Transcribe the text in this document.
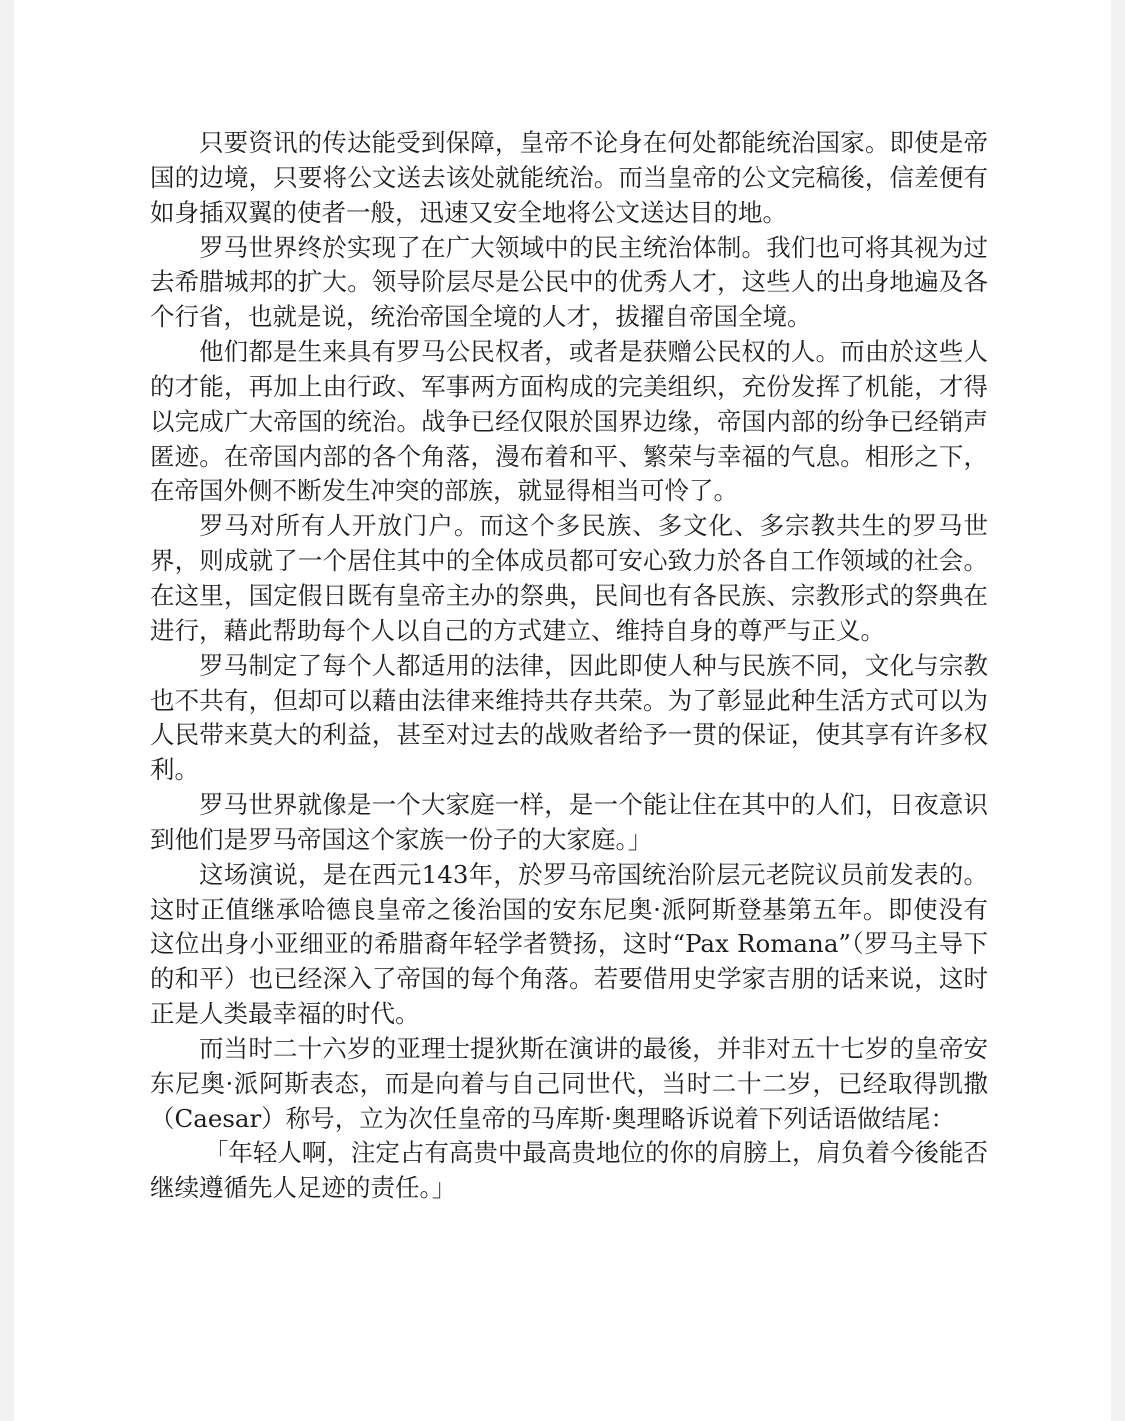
只要资讯的传达能受到保障，皇帝不论身在何处都能统治国家。即使是帝国的边境，只要将公文送去该处就能统治。而当皇帝的公文完稿後，信差便有如身插双翼的使者一般，迅速又安全地将公文送达目的地。

罗马世界终於实现了在广大领域中的民主统治体制。我们也可将其视为过去希腊城邦的扩大。领导阶层尽是公民中的优秀人才，这些人的出身地遍及各个行省，也就是说，统治帝国全境的人才，拔擢自帝国全境。

他们都是生来具有罗马公民权者，或者是获赠公民权的人。而由於这些人的才能，再加上由行政、军事两方面构成的完美组织，充份发挥了机能，才得以完成广大帝国的统治。战争已经仅限於国界边缘，帝国内部的纷争已经销声匿迹。在帝国内部的各个角落，漫布着和平、繁荣与幸福的气息。相形之下，在帝国外侧不断发生冲突的部族，就显得相当可怜了。

罗马对所有人开放门户。而这个多民族、多文化、多宗教共生的罗马世界，则成就了一个居住其中的全体成员都可安心致力於各自工作领域的社会。在这里，国定假日既有皇帝主办的祭典，民间也有各民族、宗教形式的祭典在进行，藉此帮助每个人以自己的方式建立、维持自身的尊严与正义。

罗马制定了每个人都适用的法律，因此即使人种与民族不同，文化与宗教也不共有，但却可以藉由法律来维持共存共荣。为了彰显此种生活方式可以为人民带来莫大的利益，甚至对过去的战败者给予一贯的保证，使其享有许多权利。

罗马世界就像是一个大家庭一样，是一个能让住在其中的人们，日夜意识到他们是罗马帝国这个家族一份子的大家庭。」

这场演说，是在西元143年，於罗马帝国统治阶层元老院议员前发表的。这时正值继承哈德良皇帝之後治国的安东尼奥·派阿斯登基第五年。即使没有这位出身小亚细亚的希腊裔年轻学者赞扬，这时“Pax Romana”（罗马主导下的和平）也已经深入了帝国的每个角落。若要借用史学家吉朋的话来说，这时正是人类最幸福的时代。

而当时二十六岁的亚理士提狄斯在演讲的最後，并非对五十七岁的皇帝安东尼奥·派阿斯表态，而是向着与自己同世代，当时二十二岁，已经取得凯撒（Caesar）称号，立为次任皇帝的马库斯·奥理略诉说着下列话语做结尾：

「年轻人啊，注定占有高贵中最高贵地位的你的肩膀上，肩负着今後能否继续遵循先人足迹的责任。」
